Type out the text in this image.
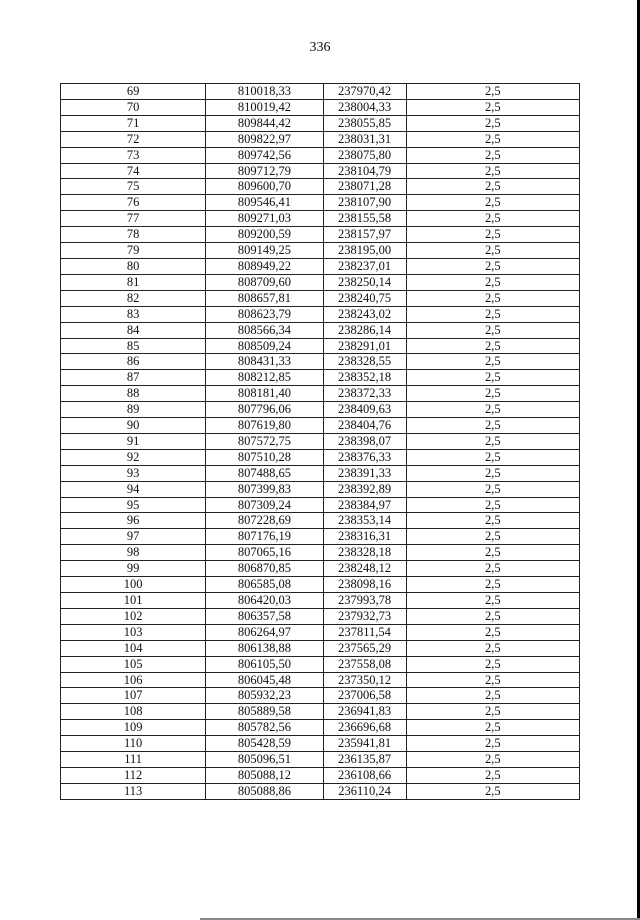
336
69	810018,33	237970,42	2,5
70	810019,42	238004,33	2,5
71	809844,42	238055,85	2,5
72	809822,97	238031,31	2,5
73	809742,56	238075,80	2,5
74	809712,79	238104,79	2,5
75	809600,70	238071,28	2,5
76	809546,41	238107,90	2,5
77	809271,03	238155,58	2,5
78	809200,59	238157,97	2,5
79	809149,25	238195,00	2,5
80	808949,22	238237,01	2,5
81	808709,60	238250,14	2,5
82	808657,81	238240,75	2,5
83	808623,79	238243,02	2,5
84	808566,34	238286,14	2,5
85	808509,24	238291,01	2,5
86	808431,33	238328,55	2,5
87	808212,85	238352,18	2,5
88	808181,40	238372,33	2,5
89	807796,06	238409,63	2,5
90	807619,80	238404,76	2,5
91	807572,75	238398,07	2,5
92	807510,28	238376,33	2,5
93	807488,65	238391,33	2,5
94	807399,83	238392,89	2,5
95	807309,24	238384,97	2,5
96	807228,69	238353,14	2,5
97	807176,19	238316,31	2,5
98	807065,16	238328,18	2,5
99	806870,85	238248,12	2,5
100	806585,08	238098,16	2,5
101	806420,03	237993,78	2,5
102	806357,58	237932,73	2,5
103	806264,97	237811,54	2,5
104	806138,88	237565,29	2,5
105	806105,50	237558,08	2,5
106	806045,48	237350,12	2,5
107	805932,23	237006,58	2,5
108	805889,58	236941,83	2,5
109	805782,56	236696,68	2,5
110	805428,59	235941,81	2,5
111	805096,51	236135,87	2,5
112	805088,12	236108,66	2,5
113	805088,86	236110,24	2,5
